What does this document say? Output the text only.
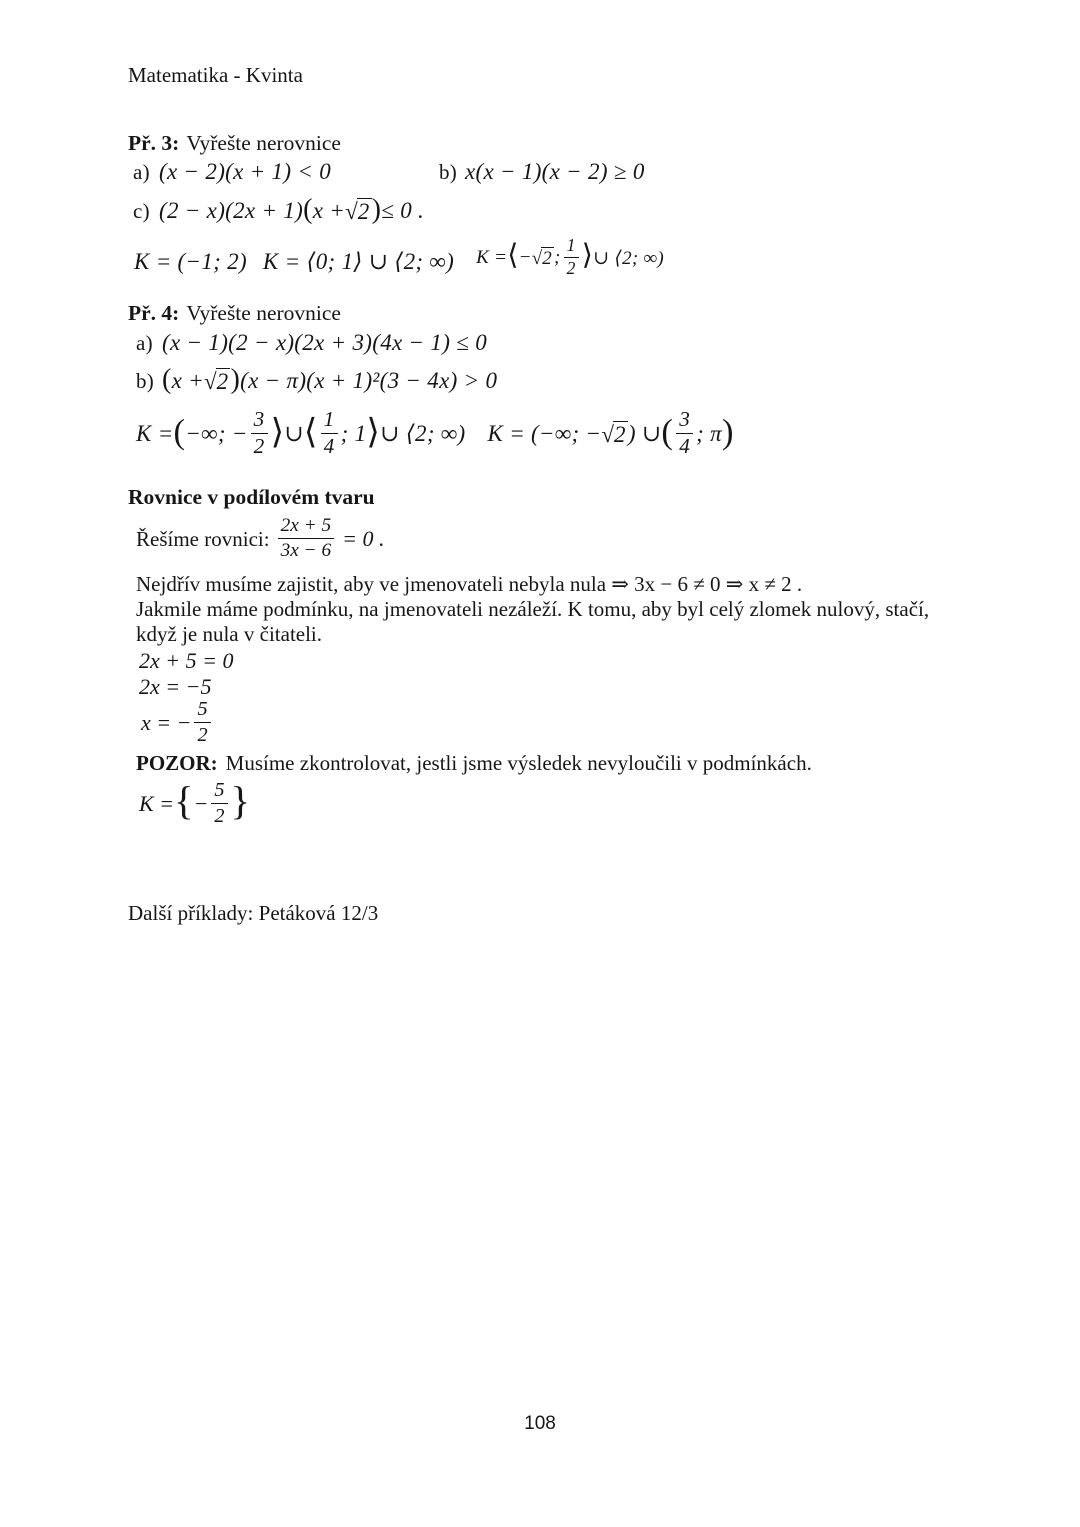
Matematika - Kvinta
Př. 3: Vyřešte nerovnice
a) (x − 2)(x + 1) < 0	b) x(x − 1)(x − 2) ≥ 0
c) (2 − x)(2x + 1) ( x + √ 2 ) ≤ 0 .
K = (−1; 2) K = ⟨0; 1⟩ ∪ ⟨2; ∞) K = ⟨ − √ 2 ; $\frac{1}{2}$ ⟩ ∪ ⟨2; ∞)
Př. 4: Vyřešte nerovnice
a) (x − 1)(2 − x)(2x + 3)(4x − 1) ≤ 0
b) ( x + √ 2 ) (x − π)(x + 1)²(3 − 4x) > 0
K = ( −∞; − $\frac{3}{2}$ ⟩ ∪ ⟨ $\frac{1}{4}$ ; 1 ⟩ ∪ ⟨2; ∞) K = (−∞; − √ 2 ) ∪ ( $\frac{3}{4}$ ; π )
Rovnice v podílovém tvaru
Řešíme rovnici: $\frac{2x + 5}{3x - 6} = 0$ .
Nejdřív musíme zajistit, aby ve jmenovateli nebyla nula ⇒ 3x − 6 ≠ 0 ⇒ x ≠ 2 .
Jakmile máme podmínku, na jmenovateli nezáleží. K tomu, aby byl celý zlomek nulový, stačí,
když je nula v čitateli.
2x + 5 = 0
2x = −5
x = − $\frac{5}{2}$
POZOR: Musíme zkontrolovat, jestli jsme výsledek nevyloučili v podmínkách.
K = { − $\frac{5}{2}$ }
Další příklady: Petáková 12/3
108
